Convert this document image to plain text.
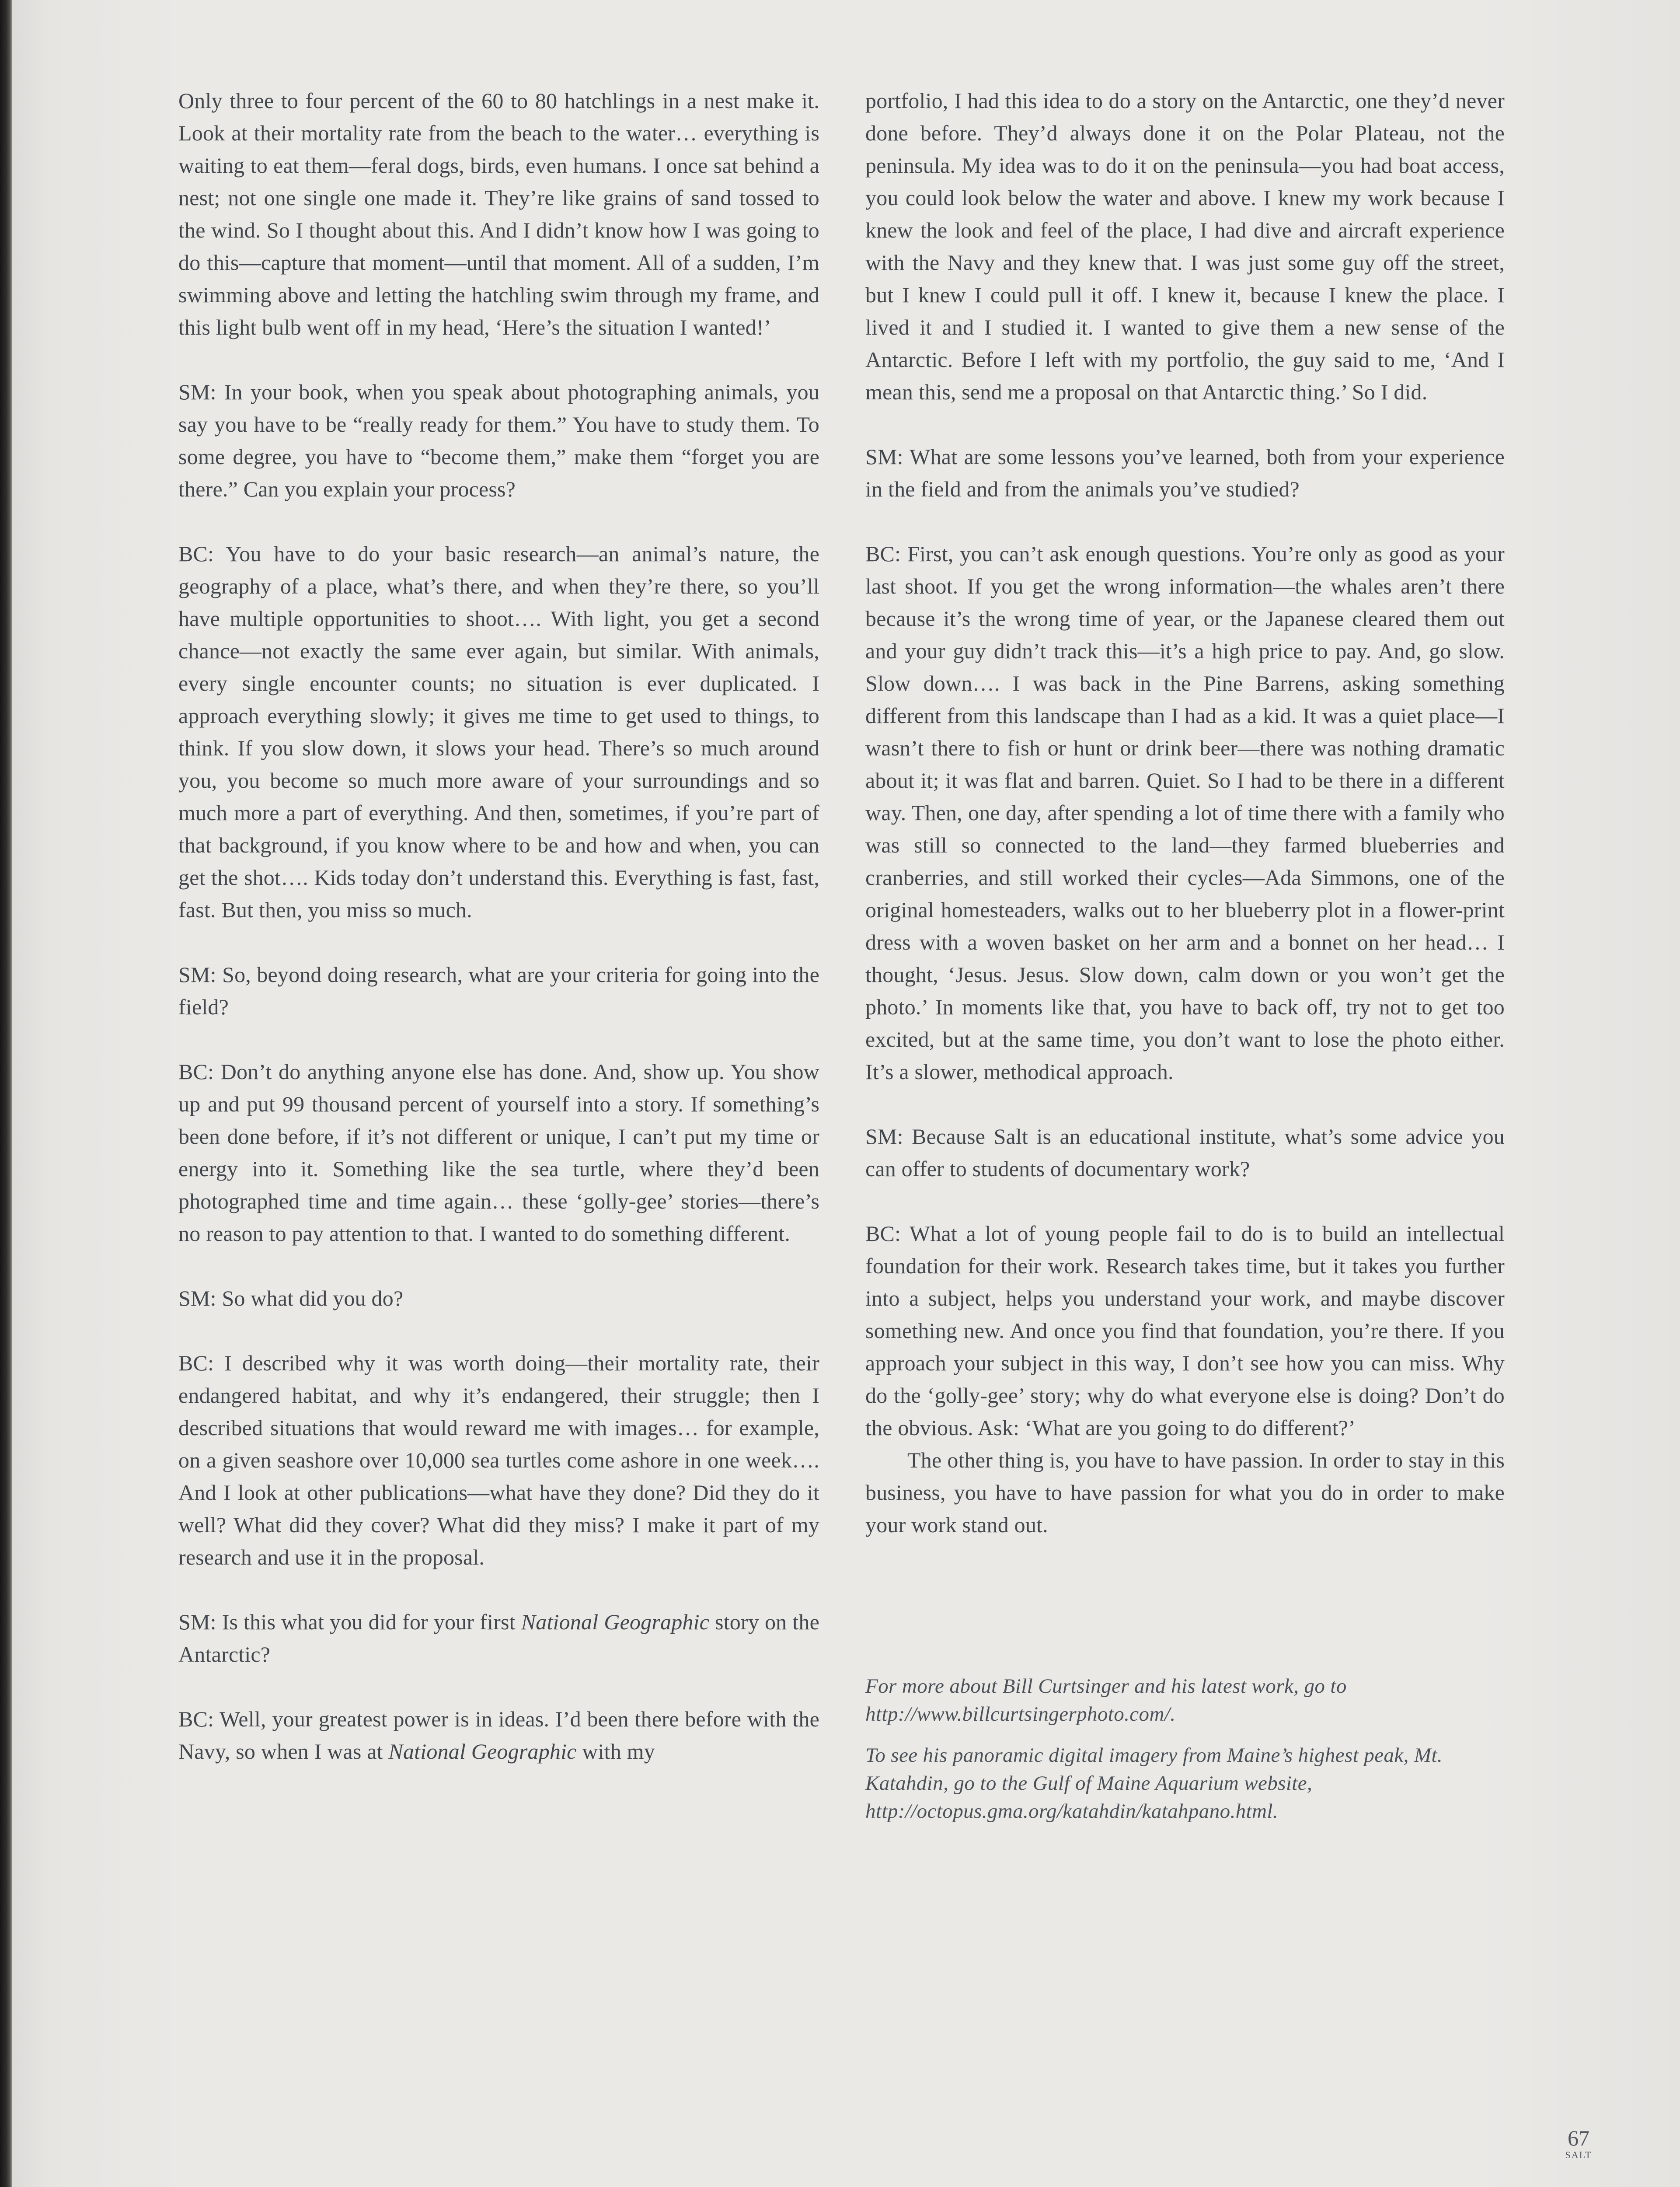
Only three to four percent of the 60 to 80 hatchlings in a nest make it. Look at their mortality rate from the beach to the water… everything is waiting to eat them—feral dogs, birds, even humans. I once sat behind a nest; not one single one made it. They’re like grains of sand tossed to the wind. So I thought about this. And I didn’t know how I was going to do this—capture that moment—until that moment. All of a sudden, I’m swimming above and letting the hatchling swim through my frame, and this light bulb went off in my head, ‘Here’s the situation I wanted!’

SM: In your book, when you speak about photographing animals, you say you have to be “really ready for them.” You have to study them. To some degree, you have to “become them,” make them “forget you are there.” Can you explain your process?

BC: You have to do your basic research—an animal’s nature, the geography of a place, what’s there, and when they’re there, so you’ll have multiple opportunities to shoot…. With light, you get a second chance—not exactly the same ever again, but similar. With animals, every single encounter counts; no situation is ever duplicated. I approach everything slowly; it gives me time to get used to things, to think. If you slow down, it slows your head. There’s so much around you, you become so much more aware of your surroundings and so much more a part of everything. And then, sometimes, if you’re part of that background, if you know where to be and how and when, you can get the shot…. Kids today don’t understand this. Everything is fast, fast, fast. But then, you miss so much.

SM: So, beyond doing research, what are your criteria for going into the field?

BC: Don’t do anything anyone else has done. And, show up. You show up and put 99 thousand percent of yourself into a story. If something’s been done before, if it’s not different or unique, I can’t put my time or energy into it. Something like the sea turtle, where they’d been photographed time and time again… these ‘golly-gee’ stories—there’s no reason to pay attention to that. I wanted to do something different.

SM: So what did you do?

BC: I described why it was worth doing—their mortality rate, their endangered habitat, and why it’s endangered, their struggle; then I described situations that would reward me with images… for example, on a given seashore over 10,000 sea turtles come ashore in one week…. And I look at other publications—what have they done? Did they do it well? What did they cover? What did they miss? I make it part of my research and use it in the proposal.

SM: Is this what you did for your first National Geographic story on the Antarctic?

BC: Well, your greatest power is in ideas. I’d been there before with the Navy, so when I was at National Geographic with my

portfolio, I had this idea to do a story on the Antarctic, one they’d never done before. They’d always done it on the Polar Plateau, not the peninsula. My idea was to do it on the peninsula—you had boat access, you could look below the water and above. I knew my work because I knew the look and feel of the place, I had dive and aircraft experience with the Navy and they knew that. I was just some guy off the street, but I knew I could pull it off. I knew it, because I knew the place. I lived it and I studied it. I wanted to give them a new sense of the Antarctic. Before I left with my portfolio, the guy said to me, ‘And I mean this, send me a proposal on that Antarctic thing.’ So I did.

SM: What are some lessons you’ve learned, both from your experience in the field and from the animals you’ve studied?

BC: First, you can’t ask enough questions. You’re only as good as your last shoot. If you get the wrong information—the whales aren’t there because it’s the wrong time of year, or the Japanese cleared them out and your guy didn’t track this—it’s a high price to pay. And, go slow. Slow down…. I was back in the Pine Barrens, asking something different from this landscape than I had as a kid. It was a quiet place—I wasn’t there to fish or hunt or drink beer—there was nothing dramatic about it; it was flat and barren. Quiet. So I had to be there in a different way. Then, one day, after spending a lot of time there with a family who was still so connected to the land—they farmed blueberries and cranberries, and still worked their cycles—Ada Simmons, one of the original homesteaders, walks out to her blueberry plot in a flower-print dress with a woven basket on her arm and a bonnet on her head… I thought, ‘Jesus. Jesus. Slow down, calm down or you won’t get the photo.’ In moments like that, you have to back off, try not to get too excited, but at the same time, you don’t want to lose the photo either. It’s a slower, methodical approach.

SM: Because Salt is an educational institute, what’s some advice you can offer to students of documentary work?

BC: What a lot of young people fail to do is to build an intellectual foundation for their work. Research takes time, but it takes you further into a subject, helps you understand your work, and maybe discover something new. And once you find that foundation, you’re there. If you approach your subject in this way, I don’t see how you can miss. Why do the ‘golly-gee’ story; why do what everyone else is doing? Don’t do the obvious. Ask: ‘What are you going to do different?’

The other thing is, you have to have passion. In order to stay in this business, you have to have passion for what you do in order to make your work stand out.

For more about Bill Curtsinger and his latest work, go to http://www.billcurtsingerphoto.com/.

To see his panoramic digital imagery from Maine’s highest peak, Mt. Katahdin, go to the Gulf of Maine Aquarium website, http://octopus.gma.org/katahdin/katahpano.html.

67
SALT
